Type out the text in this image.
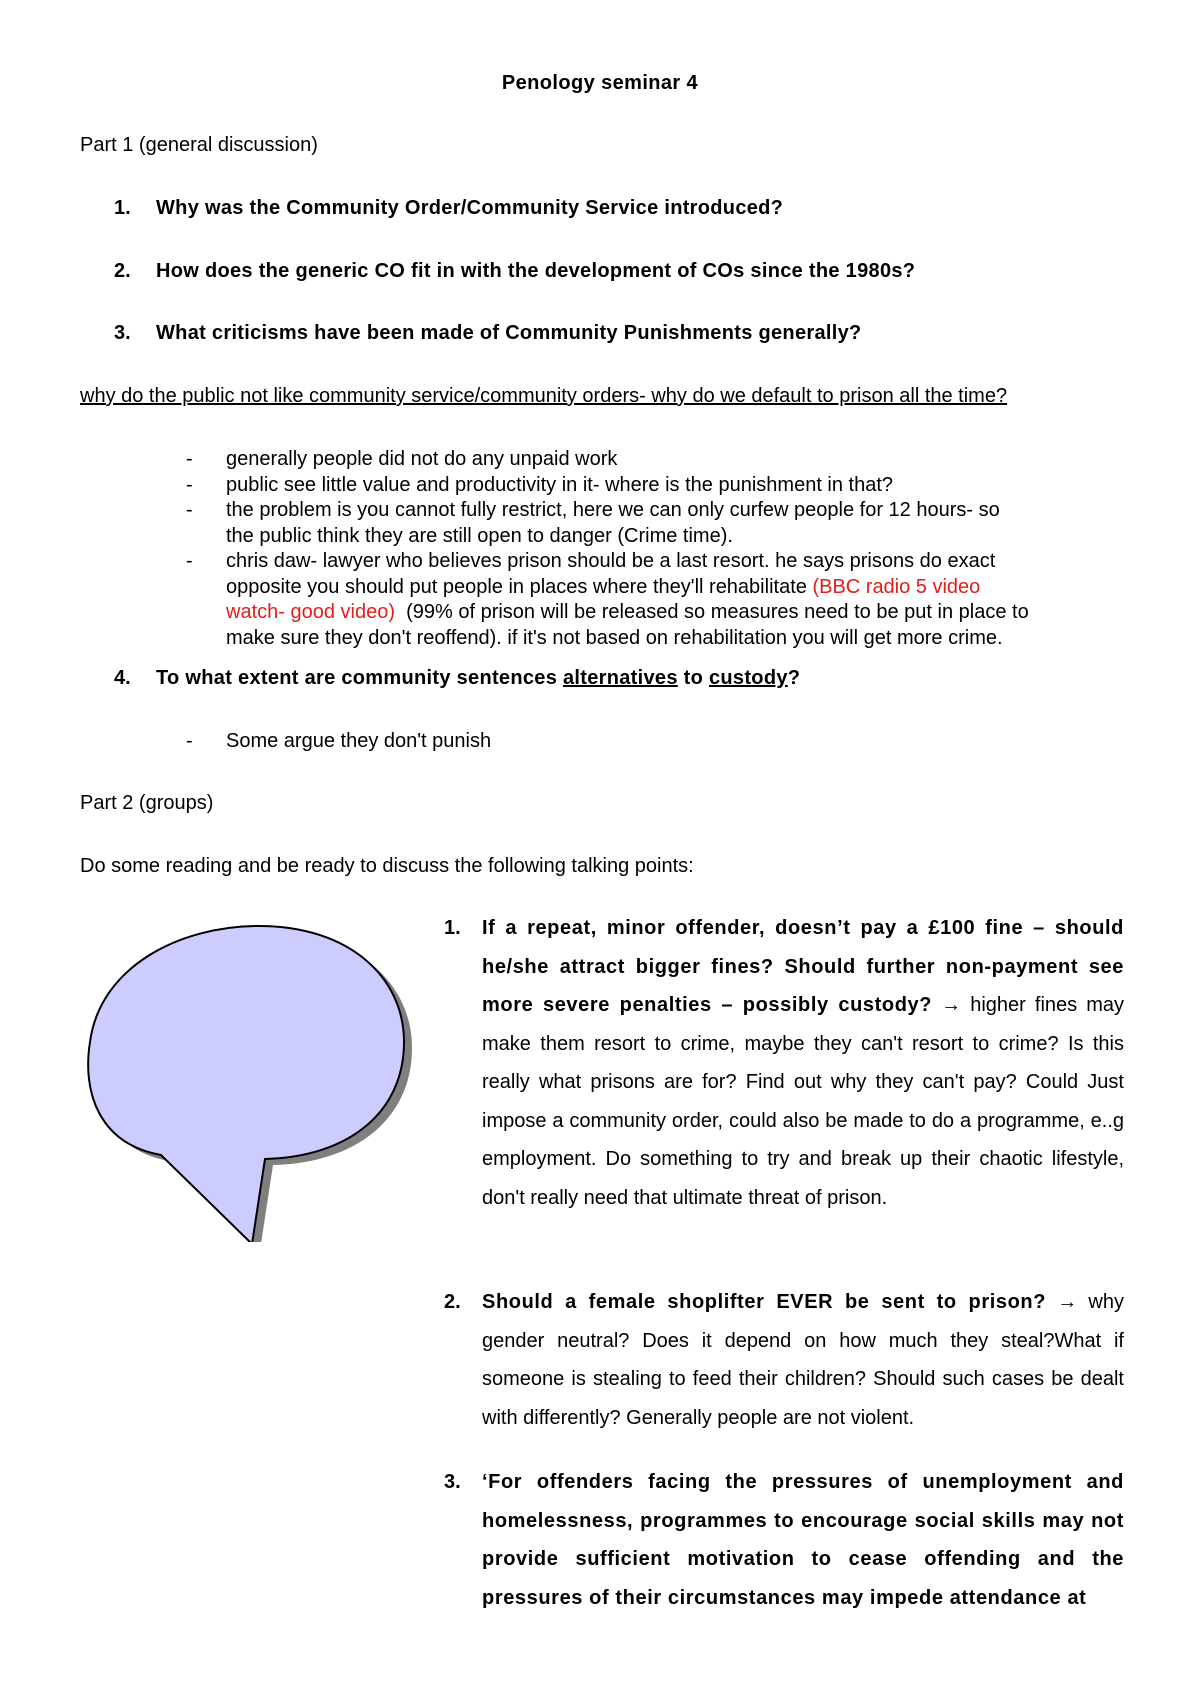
Penology seminar 4
Part 1 (general discussion)
1. Why was the Community Order/Community Service introduced?
2. How does the generic CO fit in with the development of COs since the 1980s?
3. What criticisms have been made of Community Punishments generally?
why do the public not like community service/community orders- why do we default to prison all the time?
- generally people did not do any unpaid work
- public see little value and productivity in it- where is the punishment in that?
- the problem is you cannot fully restrict, here we can only curfew people for 12 hours- so
the public think they are still open to danger (Crime time).
- chris daw- lawyer who believes prison should be a last resort. he says prisons do exact
opposite you should put people in places where they'll rehabilitate (BBC radio 5 video
watch- good video)  (99% of prison will be released so measures need to be put in place to
make sure they don't reoffend). if it's not based on rehabilitation you will get more crime.
4. To what extent are community sentences alternatives to custody?
- Some argue they don't punish
Part 2 (groups)
Do some reading and be ready to discuss the following talking points:
1. If a repeat, minor offender, doesn’t pay a £100 fine – should he/she attract bigger fines? Should further non-payment see more severe penalties – possibly custody? → higher fines may make them resort to crime, maybe they can't resort to crime? Is this really what prisons are for? Find out why they can't pay? Could Just impose a community order, could also be made to do a programme, e..g employment. Do something to try and break up their chaotic lifestyle, don't really need that ultimate threat of prison.
2. Should a female shoplifter EVER be sent to prison? → why gender neutral? Does it depend on how much they steal?What if someone is stealing to feed their children? Should such cases be dealt with differently? Generally people are not violent.
3. ‘For offenders facing the pressures of unemployment and homelessness, programmes to encourage social skills may not provide sufficient motivation to cease offending and the pressures of their circumstances may impede attendance at
